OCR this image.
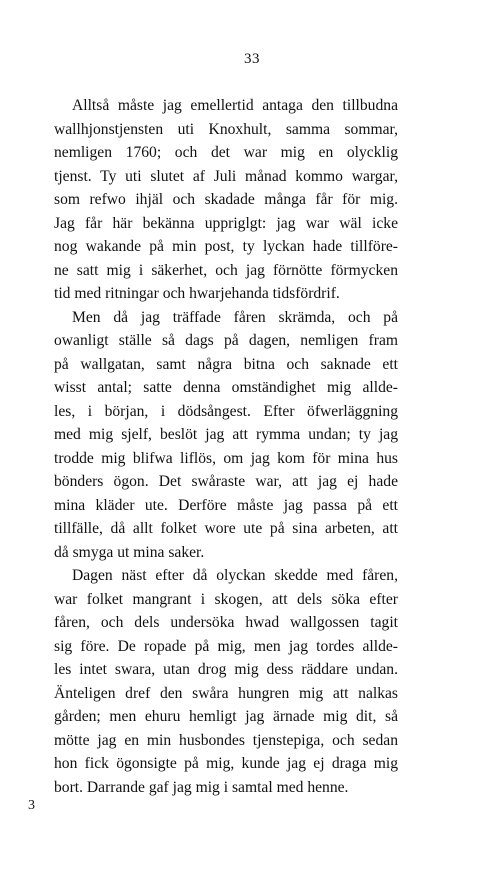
33
Alltså måste jag emellertid antaga den tillbudna
wallhjonstjensten uti Knoxhult, samma sommar,
nemligen 1760; och det war mig en olycklig
tjenst. Ty uti slutet af Juli månad kommo wargar,
som refwo ihjäl och skadade många får för mig.
Jag får här bekänna uppriglgt: jag war wäl icke
nog wakande på min post, ty lyckan hade tillföre-
ne satt mig i säkerhet, och jag förnötte förmycken
tid med ritningar och hwarjehanda tidsfördrif.
Men då jag träffade fåren skrämda, och på
owanligt ställe så dags på dagen, nemligen fram
på wallgatan, samt några bitna och saknade ett
wisst antal; satte denna omständighet mig allde-
les, i början, i dödsångest. Efter öfwerläggning
med mig sjelf, beslöt jag att rymma undan; ty jag
trodde mig blifwa liflös, om jag kom för mina hus
bönders ögon. Det swåraste war, att jag ej hade
mina kläder ute. Derföre måste jag passa på ett
tillfälle, då allt folket wore ute på sina arbeten, att
då smyga ut mina saker.
Dagen näst efter då olyckan skedde med fåren,
war folket mangrant i skogen, att dels söka efter
fåren, och dels undersöka hwad wallgossen tagit
sig före. De ropade på mig, men jag tordes allde-
les intet swara, utan drog mig dess räddare undan.
Änteligen dref den swåra hungren mig att nalkas
gården; men ehuru hemligt jag ärnade mig dit, så
mötte jag en min husbondes tjenstepiga, och sedan
hon fick ögonsigte på mig, kunde jag ej draga mig
bort. Darrande gaf jag mig i samtal med henne.
3
